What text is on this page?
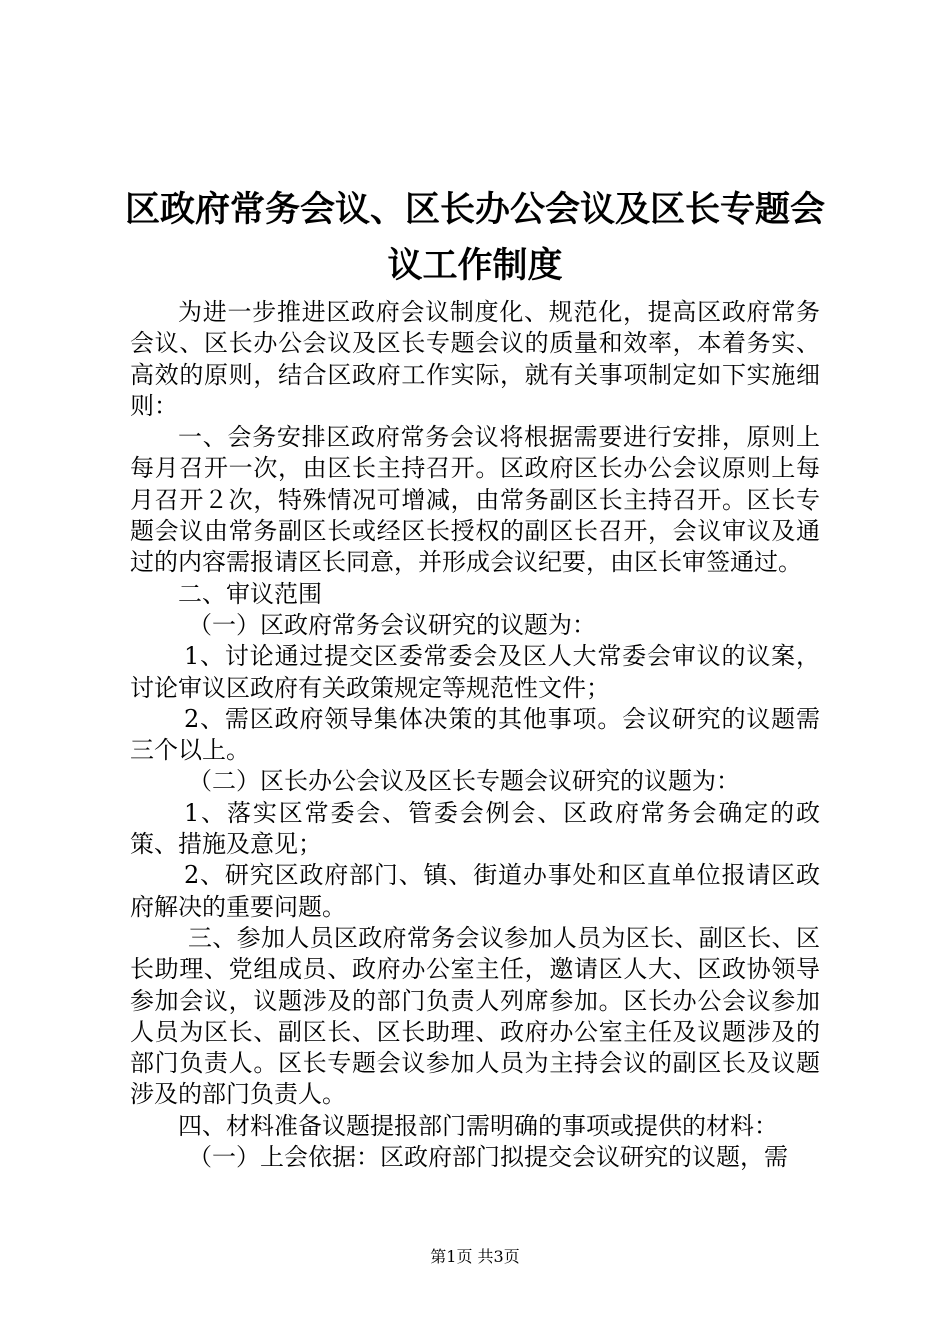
区政府常务会议、区长办公会议及区长专题会
议工作制度

为进一步推进区政府会议制度化、规范化，提高区政府常务会议、区长办公会议及区长专题会议的质量和效率，本着务实、高效的原则，结合区政府工作实际，就有关事项制定如下实施细则：

一、会务安排区政府常务会议将根据需要进行安排，原则上每月召开一次，由区长主持召开。区政府区长办公会议原则上每月召开２次，特殊情况可增减，由常务副区长主持召开。区长专题会议由常务副区长或经区长授权的副区长召开，会议审议及通过的内容需报请区长同意，并形成会议纪要，由区长审签通过。

二、审议范围

（一）区政府常务会议研究的议题为：

1、讨论通过提交区委常委会及区人大常委会审议的议案，讨论审议区政府有关政策规定等规范性文件；

2、需区政府领导集体决策的其他事项。会议研究的议题需三个以上。

（二）区长办公会议及区长专题会议研究的议题为：

1、落实区常委会、管委会例会、区政府常务会确定的政策、措施及意见；

2、研究区政府部门、镇、街道办事处和区直单位报请区政府解决的重要问题。

三、参加人员区政府常务会议参加人员为区长、副区长、区长助理、党组成员、政府办公室主任，邀请区人大、区政协领导参加会议，议题涉及的部门负责人列席参加。区长办公会议参加人员为区长、副区长、区长助理、政府办公室主任及议题涉及的部门负责人。区长专题会议参加人员为主持会议的副区长及议题涉及的部门负责人。

四、材料准备议题提报部门需明确的事项或提供的材料：

（一）上会依据：区政府部门拟提交会议研究的议题，需

第1页 共3页
